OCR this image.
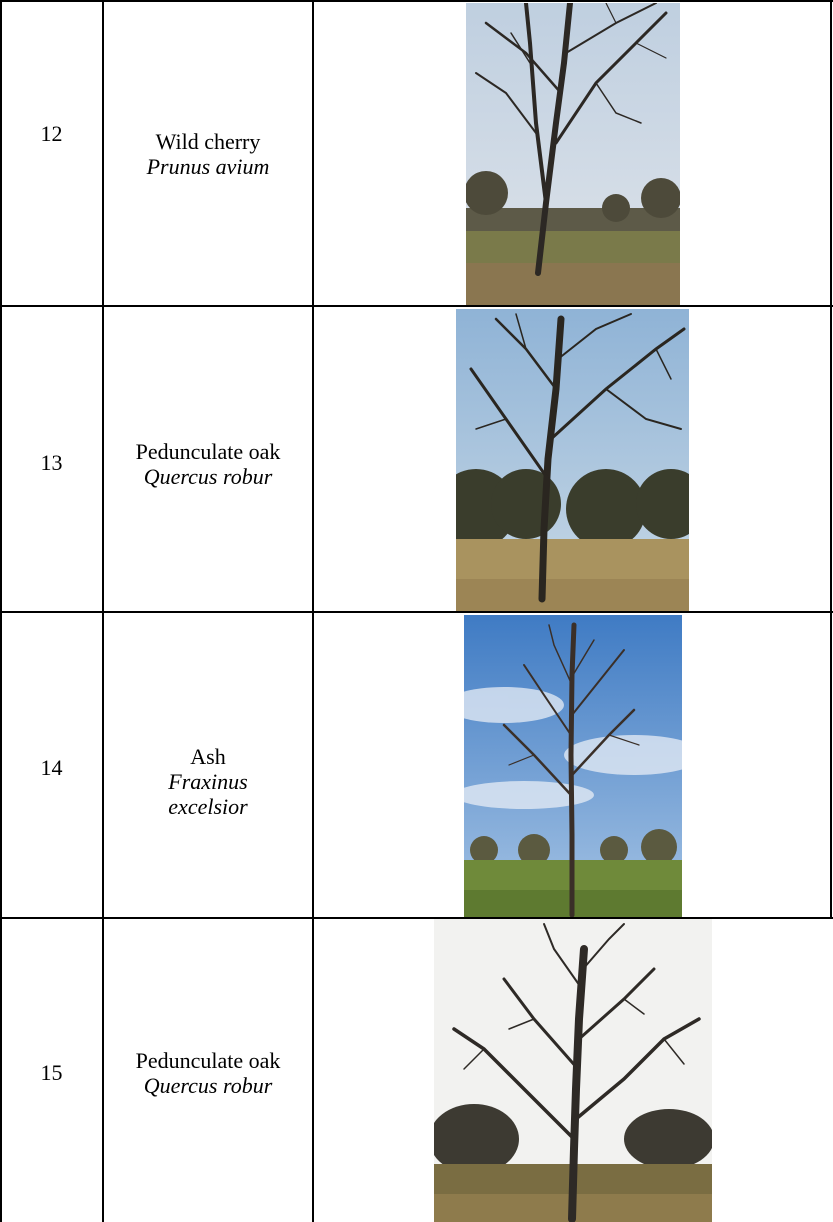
12	Wild cherry
Prunus avium
13	Pedunculate oak
Quercus robur
14	Ash
Fraxinus excelsior
15	Pedunculate oak
Quercus robur
